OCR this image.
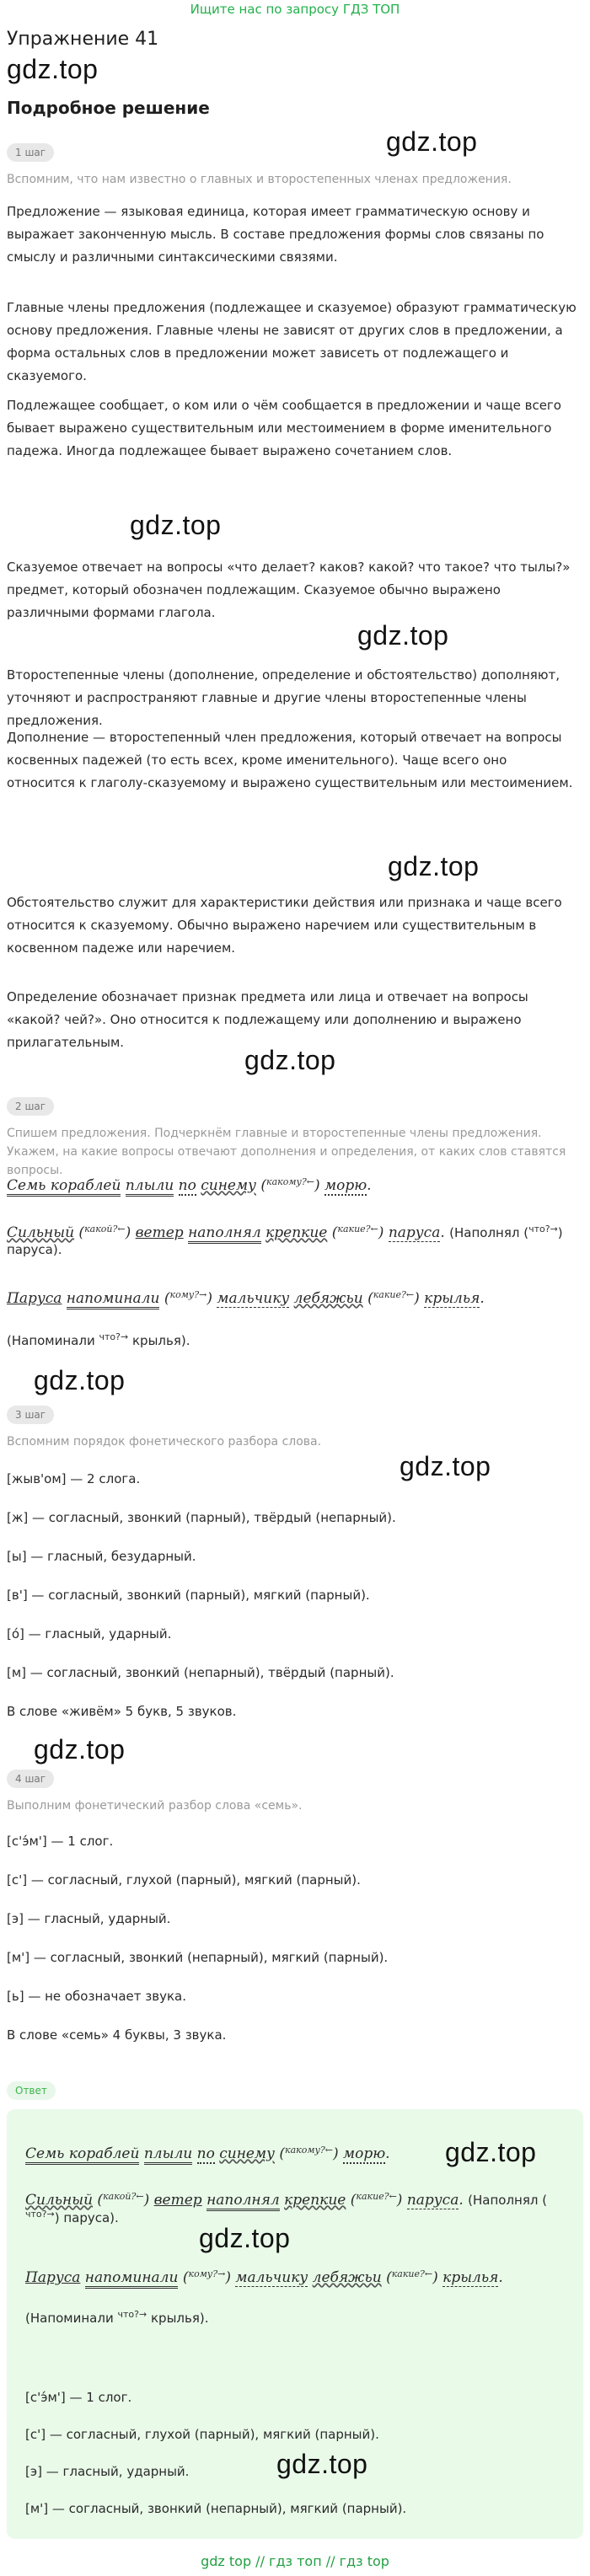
Ищите нас по запросу ГДЗ ТОП
Упражнение 41
gdz.top
Подробное решение
gdz.top
1 шаг
Вспомним, что нам известно о главных и второстепенных членах предложения.
Предложение — языковая единица, которая имеет грамматическую основу и выражает законченную мысль. В составе предложения формы слов связаны по смыслу и различными синтаксическими связями.
Главные члены предложения (подлежащее и сказуемое) образуют грамматическую основу предложения. Главные члены не зависят от других слов в предложении, а форма остальных слов в предложении может зависеть от подлежащего и сказуемого.
Подлежащее сообщает, о ком или о чём сообщается в предложении и чаще всего бывает выражено существительным или местоимением в форме именительного падежа. Иногда подлежащее бывает выражено сочетанием слов.
gdz.top
Сказуемое отвечает на вопросы «что делает? каков? какой? что такое? что тылы?» предмет, который обозначен подлежащим. Сказуемое обычно выражено различными формами глагола.
gdz.top
Второстепенные члены (дополнение, определение и обстоятельство) дополняют, уточняют и распространяют главные и другие члены второстепенные члены предложения.
Дополнение — второстепенный член предложения, который отвечает на вопросы косвенных падежей (то есть всех, кроме именительного). Чаще всего оно относится к глаголу-сказуемому и выражено существительным или местоимением.
gdz.top
Обстоятельство служит для характеристики действия или признака и чаще всего относится к сказуемому. Обычно выражено наречием или существительным в косвенном падеже или наречием.
Определение обозначает признак предмета или лица и отвечает на вопросы «какой? чей?». Оно относится к подлежащему или дополнению и выражено прилагательным.
gdz.top
2 шаг
Спишем предложения. Подчеркнём главные и второстепенные члены предложения. Укажем, на какие вопросы отвечают дополнения и определения, от каких слов ставятся вопросы.
Семь кораблей плыли по синему (какому?←) морю.
Сильный (какой?←) ветер наполнял крепкие (какие?←) паруса. (Наполнял (что?→) паруса).
Паруса напоминали (кому?→) мальчику лебяжьи (какие?←) крылья.
(Напоминали что?→ крылья).
gdz.top
3 шаг
Вспомним порядок фонетического разбора слова.
gdz.top
[жыв'ом] — 2 слога.
[ж] — согласный, звонкий (парный), твёрдый (непарный).
[ы] — гласный, безударный.
[в'] — согласный, звонкий (парный), мягкий (парный).
[о́] — гласный, ударный.
[м] — согласный, звонкий (непарный), твёрдый (парный).
В слове «живём» 5 букв, 5 звуков.
gdz.top
4 шаг
Выполним фонетический разбор слова «семь».
[с'э́м'] — 1 слог.
[с'] — согласный, глухой (парный), мягкий (парный).
[э] — гласный, ударный.
[м'] — согласный, звонкий (непарный), мягкий (парный).
[ь] — не обозначает звука.
В слове «семь» 4 буквы, 3 звука.
Ответ
Семь кораблей плыли по синему (какому?←) морю.	gdz.top
Сильный (какой?←) ветер наполнял крепкие (какие?←) паруса. (Наполнял (что?→) паруса).
gdz.top
Паруса напоминали (кому?→) мальчику лебяжьи (какие?←) крылья.
(Напоминали что?→ крылья).
[с'э́м'] — 1 слог.
[с'] — согласный, глухой (парный), мягкий (парный).
[э] — гласный, ударный.	gdz.top
[м'] — согласный, звонкий (непарный), мягкий (парный).
gdz top // гдз топ // гдз top
